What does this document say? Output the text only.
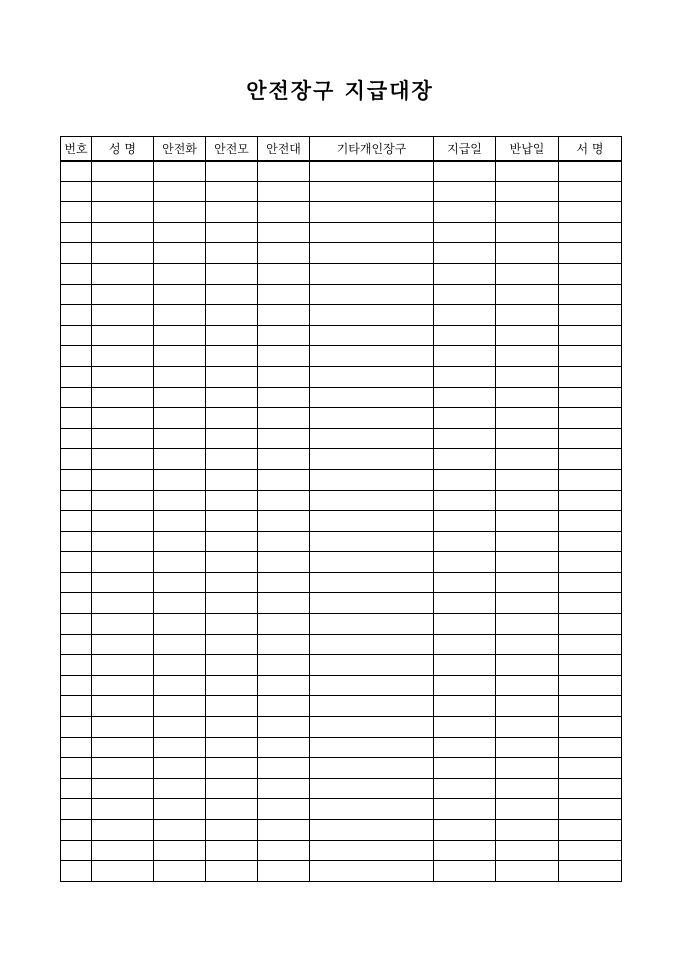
안전장구 지급대장
번호	성 명	안전화	안전모	안전대	기타개인장구	지급일	반납일	서 명
